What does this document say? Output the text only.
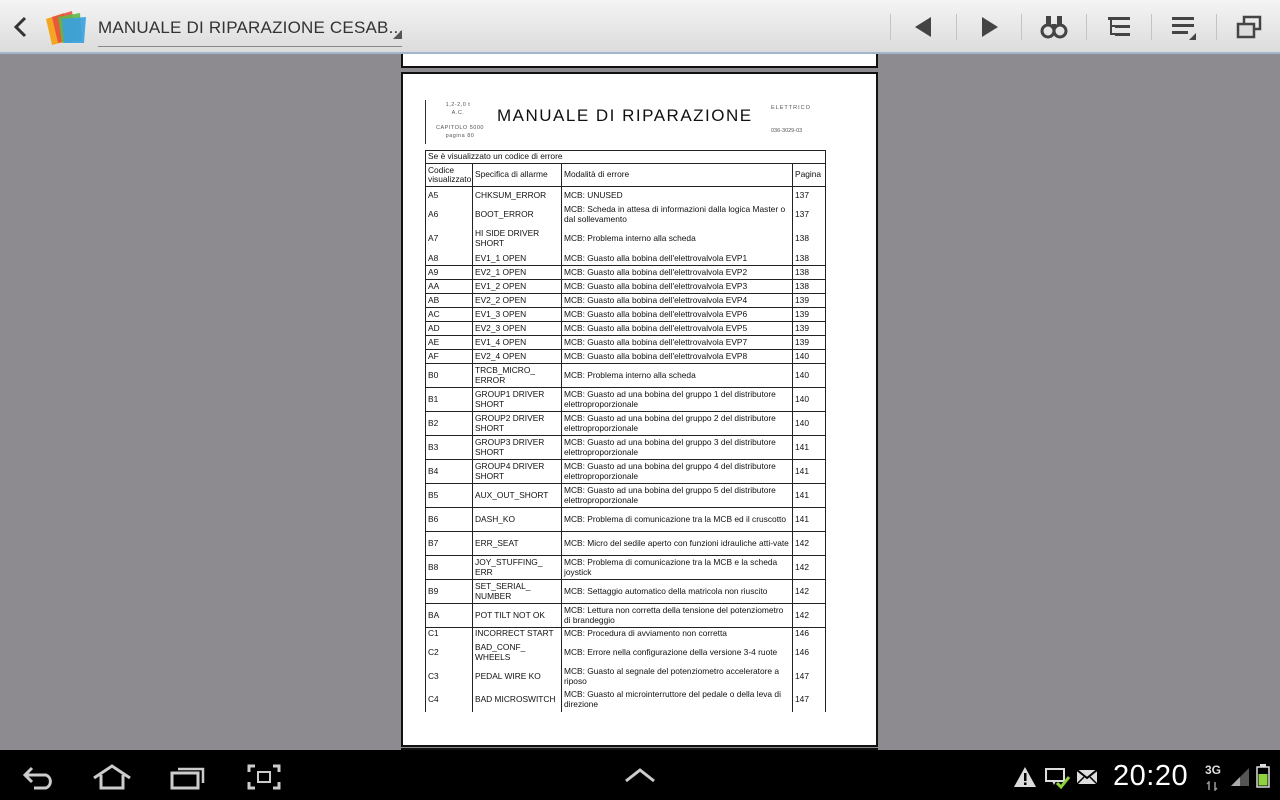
MANUALE DI RIPARAZIONE CESAB...
1,2-2,0 t
A.C.
CAPITOLO 5000
pagina 80
MANUALE DI RIPARAZIONE	ELETTRICO
036-3029-03
Se è visualizzato un codice di errore			
Codice visualizzato	Specifica di allarme	Modalità di errore	Pagina
A5	CHKSUM_ERROR	MCB: UNUSED	137
A6	BOOT_ERROR	MCB: Scheda in attesa di informazioni dalla logica Master o dal sollevamento	137
A7	HI SIDE DRIVER SHORT	MCB: Problema interno alla scheda	138
A8	EV1_1 OPEN	MCB: Guasto alla bobina dell'elettrovalvola EVP1	138
A9	EV2_1 OPEN	MCB: Guasto alla bobina dell'elettrovalvola EVP2	138
AA	EV1_2 OPEN	MCB: Guasto alla bobina dell'elettrovalvola EVP3	138
AB	EV2_2 OPEN	MCB: Guasto alla bobina dell'elettrovalvola EVP4	139
AC	EV1_3 OPEN	MCB: Guasto alla bobina dell'elettrovalvola EVP6	139
AD	EV2_3 OPEN	MCB: Guasto alla bobina dell'elettrovalvola EVP5	139
AE	EV1_4 OPEN	MCB: Guasto alla bobina dell'elettrovalvola EVP7	139
AF	EV2_4 OPEN	MCB: Guasto alla bobina dell'elettrovalvola EVP8	140
B0	TRCB_MICRO_ ERROR	MCB: Problema interno alla scheda	140
B1	GROUP1 DRIVER SHORT	MCB: Guasto ad una bobina del gruppo 1 del distributore elettroproporzionale	140
B2	GROUP2 DRIVER SHORT	MCB: Guasto ad una bobina del gruppo 2 del distributore elettroproporzionale	140
B3	GROUP3 DRIVER SHORT	MCB: Guasto ad una bobina del gruppo 3 del distributore elettroproporzionale	141
B4	GROUP4 DRIVER SHORT	MCB: Guasto ad una bobina del gruppo 4 del distributore elettroproporzionale	141
B5	AUX_OUT_SHORT	MCB: Guasto ad una bobina del gruppo 5 del distributore elettroproporzionale	141
B6	DASH_KO	MCB: Problema di comunicazione tra la MCB ed il cruscotto	141
B7	ERR_SEAT	MCB: Micro del sedile aperto con funzioni idrauliche atti-vate	142
B8	JOY_STUFFING_ ERR	MCB: Problema di comunicazione tra la MCB e la scheda joystick	142
B9	SET_SERIAL_ NUMBER	MCB: Settaggio automatico della matricola non riuscito	142
BA	POT TILT NOT OK	MCB: Lettura non corretta della tensione del potenziometro di brandeggio	142
C1	INCORRECT START	MCB: Procedura di avviamento non corretta	146
C2	BAD_CONF_ WHEELS	MCB: Errore nella configurazione della versione 3-4 ruote	146
C3	PEDAL WIRE KO	MCB: Guasto al segnale del potenziometro acceleratore a riposo	147
C4	BAD MICROSWITCH	MCB: Guasto al microinterruttore del pedale o della leva di direzione	147
20:20 3G
